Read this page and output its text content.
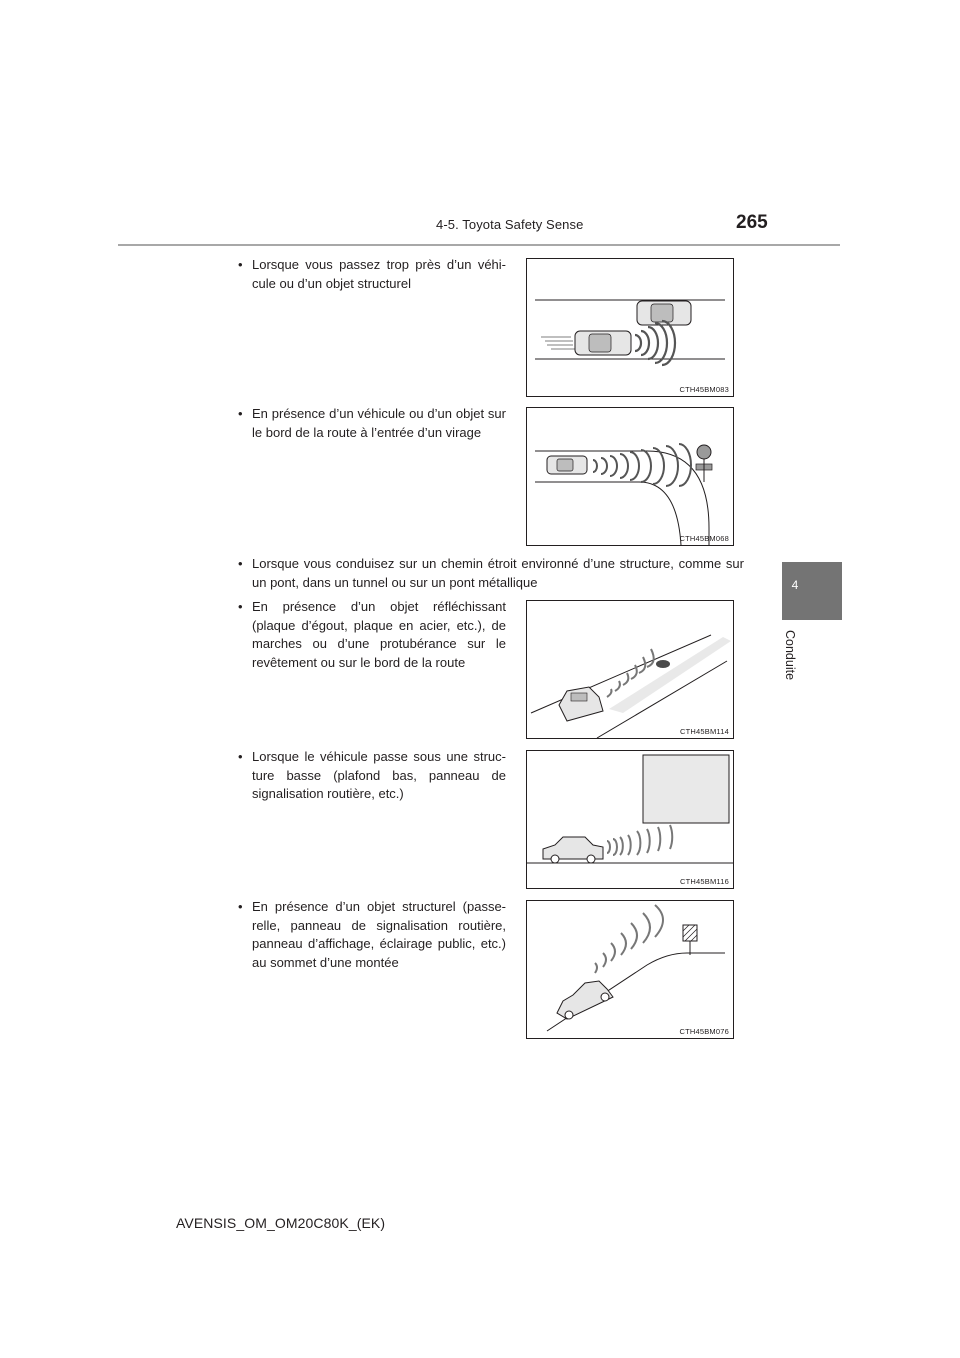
4-5. Toyota Safety Sense	265
4
Conduite
• Lorsque vous passez trop près d’un véhi-cule ou d’un objet structurel
CTH45BM083
• En présence d’un véhicule ou d’un objet sur le bord de la route à l’entrée d’un virage
CTH45BM068
• Lorsque vous conduisez sur un chemin étroit environné d’une structure, comme sur un pont, dans un tunnel ou sur un pont métallique
• En présence d’un objet réfléchissant (plaque d’égout, plaque en acier, etc.), de marches ou d’une protubérance sur le revêtement ou sur le bord de la route
CTH45BM114
• Lorsque le véhicule passe sous une struc-ture basse (plafond bas, panneau de signalisation routière, etc.)
CTH45BM116
• En présence d’un objet structurel (passe-relle, panneau de signalisation routière, panneau d’affichage, éclairage public, etc.) au sommet d’une montée
CTH45BM076
AVENSIS_OM_OM20C80K_(EK)
